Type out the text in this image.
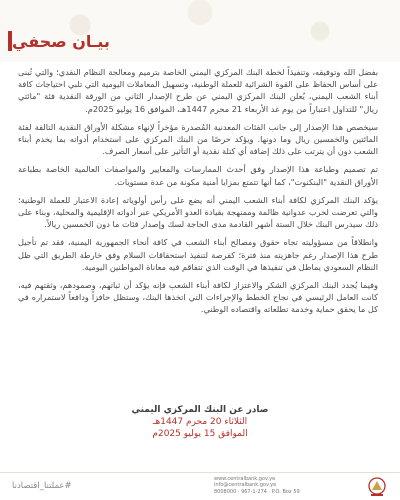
بيـان صحفي

بفضل الله وتوفيقه، وتنفيذاً لخطة البنك المركزي اليمني الخاصة بترميم ومعالجة النظام النقدي؛ والتي تُبنى على أساس الحفاظ على القوة الشرائية للعملة الوطنية، وتسهيل المعاملات اليومية التي تلبي احتياجات كافة أبناء الشعب اليمني، يُعلن البنك المركزي اليمني عن طرح الإصدار الثاني من الورقة النقدية فئة "مائتي ريال" للتداول اعتباراً من يوم غد الأربعاء 21 محرم 1447هـ، الموافق 16 يوليو 2025م.

سيخصص هذا الإصدار إلى جانب الفئات المعدنية المُصدرة مؤخراً لإنهاء مشكلة الأوراق النقدية التالفة لفئة المائتين والخمسين ريال وما دونها. ويؤكد حرصًا من البنك المركزي على استخدام أدواته بما يخدم أبناء الشعب دون أن يترتب على ذلك إضافة أي كتلة نقدية أو التأثير على أسعار الصرف.

تم تصميم وطباعة هذا الإصدار وفق أحدث الممارسات والمعايير والمواصفات العالمية الخاصة بطباعة الأوراق النقدية "البنكنوت"، كما أنها تتمتع بمزايا أمنية مكونة من عدة مستويات.

يؤكد البنك المركزي لكافة أبناء الشعب اليمني أنه يضع على رأس أولوياته إعادة الاعتبار للعملة الوطنية؛ والتي تعرضت لحرب عدوانية ظالمة وممنهجة بقيادة العدو الأمريكي عبر أدواته الإقليمية والمحلية، وبناء على ذلك سيدرس البنك خلال الستة أشهر القادمة مدى الحاجة لسك وإصدار فئات ما دون الخمسين ريالاً.

وانطلاقاً من مسؤوليته تجاه حقوق ومصالح أبناء الشعب في كافة أنحاء الجمهورية اليمنية، فقد تم تأجيل طرح هذا الإصدار رغم جاهزيته منذ فترة؛ كفرصة لتنفيذ استحقاقات السلام وفق خارطة الطريق التي ظل النظام السعودي يماطل في تنفيذها في الوقت الذي تتفاقم فيه معاناة المواطنين اليومية.

وفيما يُجدد البنك المركزي الشكر والاعتزاز لكافة أبناء الشعب فإنه يؤكد أن ثباتهم، وصمودهم، وثقتهم فيه، كانت العامل الرئيسي في نجاح الخطط والإجراءات التي اتخذها البنك، وستظل حافزاً ودافعاً لاستمراره في كل ما يحقق حماية وخدمة تطلعاته واقتصاده الوطني.

صادر عن البنك المركزي اليمني
الثلاثاء 20 محرم 1447هـ
الموافق 15 يوليو 2025م
#عملتنا_اقتصادنا
www.centralbank.gov.ye
info@centralbank.gov.ye
8008000 · 967-1-274 · P.O. Box 59
